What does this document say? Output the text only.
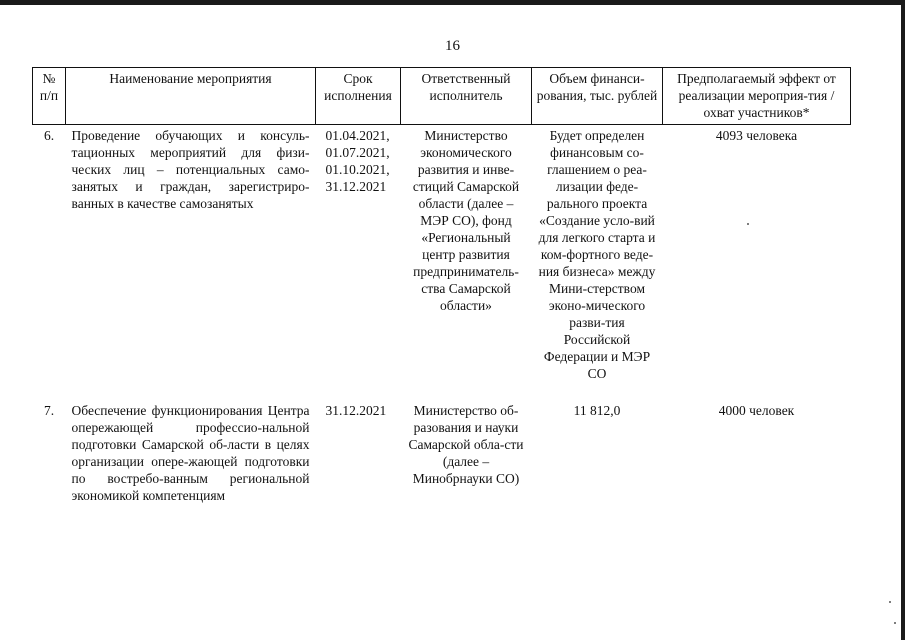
16
№ п/п	Наименование мероприятия	Срок исполнения	Ответственный исполнитель	Объем финанси-рования, тыс. рублей	Предполагаемый эффект от реализации мероприя-тия / охват участников*
6.	Проведение обучающих и консуль-тационных мероприятий для физи-ческих лиц – потенциальных само-занятых и граждан, зарегистриро-ванных в качестве самозанятых	01.04.2021, 01.07.2021, 01.10.2021, 31.12.2021	Министерство экономического развития и инве-стиций Самарской области (далее – МЭР СО), фонд «Региональный центр развития предприниматель-ства Самарской области»	Будет определен финансовым со-глашением о реа-лизации феде-рального проекта «Создание усло-вий для легкого старта и ком-фортного веде-ния бизнеса» между Мини-стерством эконо-мического разви-тия Российской Федерации и МЭР СО	4093 человека
7.	Обеспечение функционирования Центра опережающей профессио-нальной подготовки Самарской об-ласти в целях организации опере-жающей подготовки по востребо-ванным региональной экономикой компетенциям	31.12.2021	Министерство об-разования и науки Самарской обла-сти (далее – Минобрнауки СО)	11 812,0	4000 человек
